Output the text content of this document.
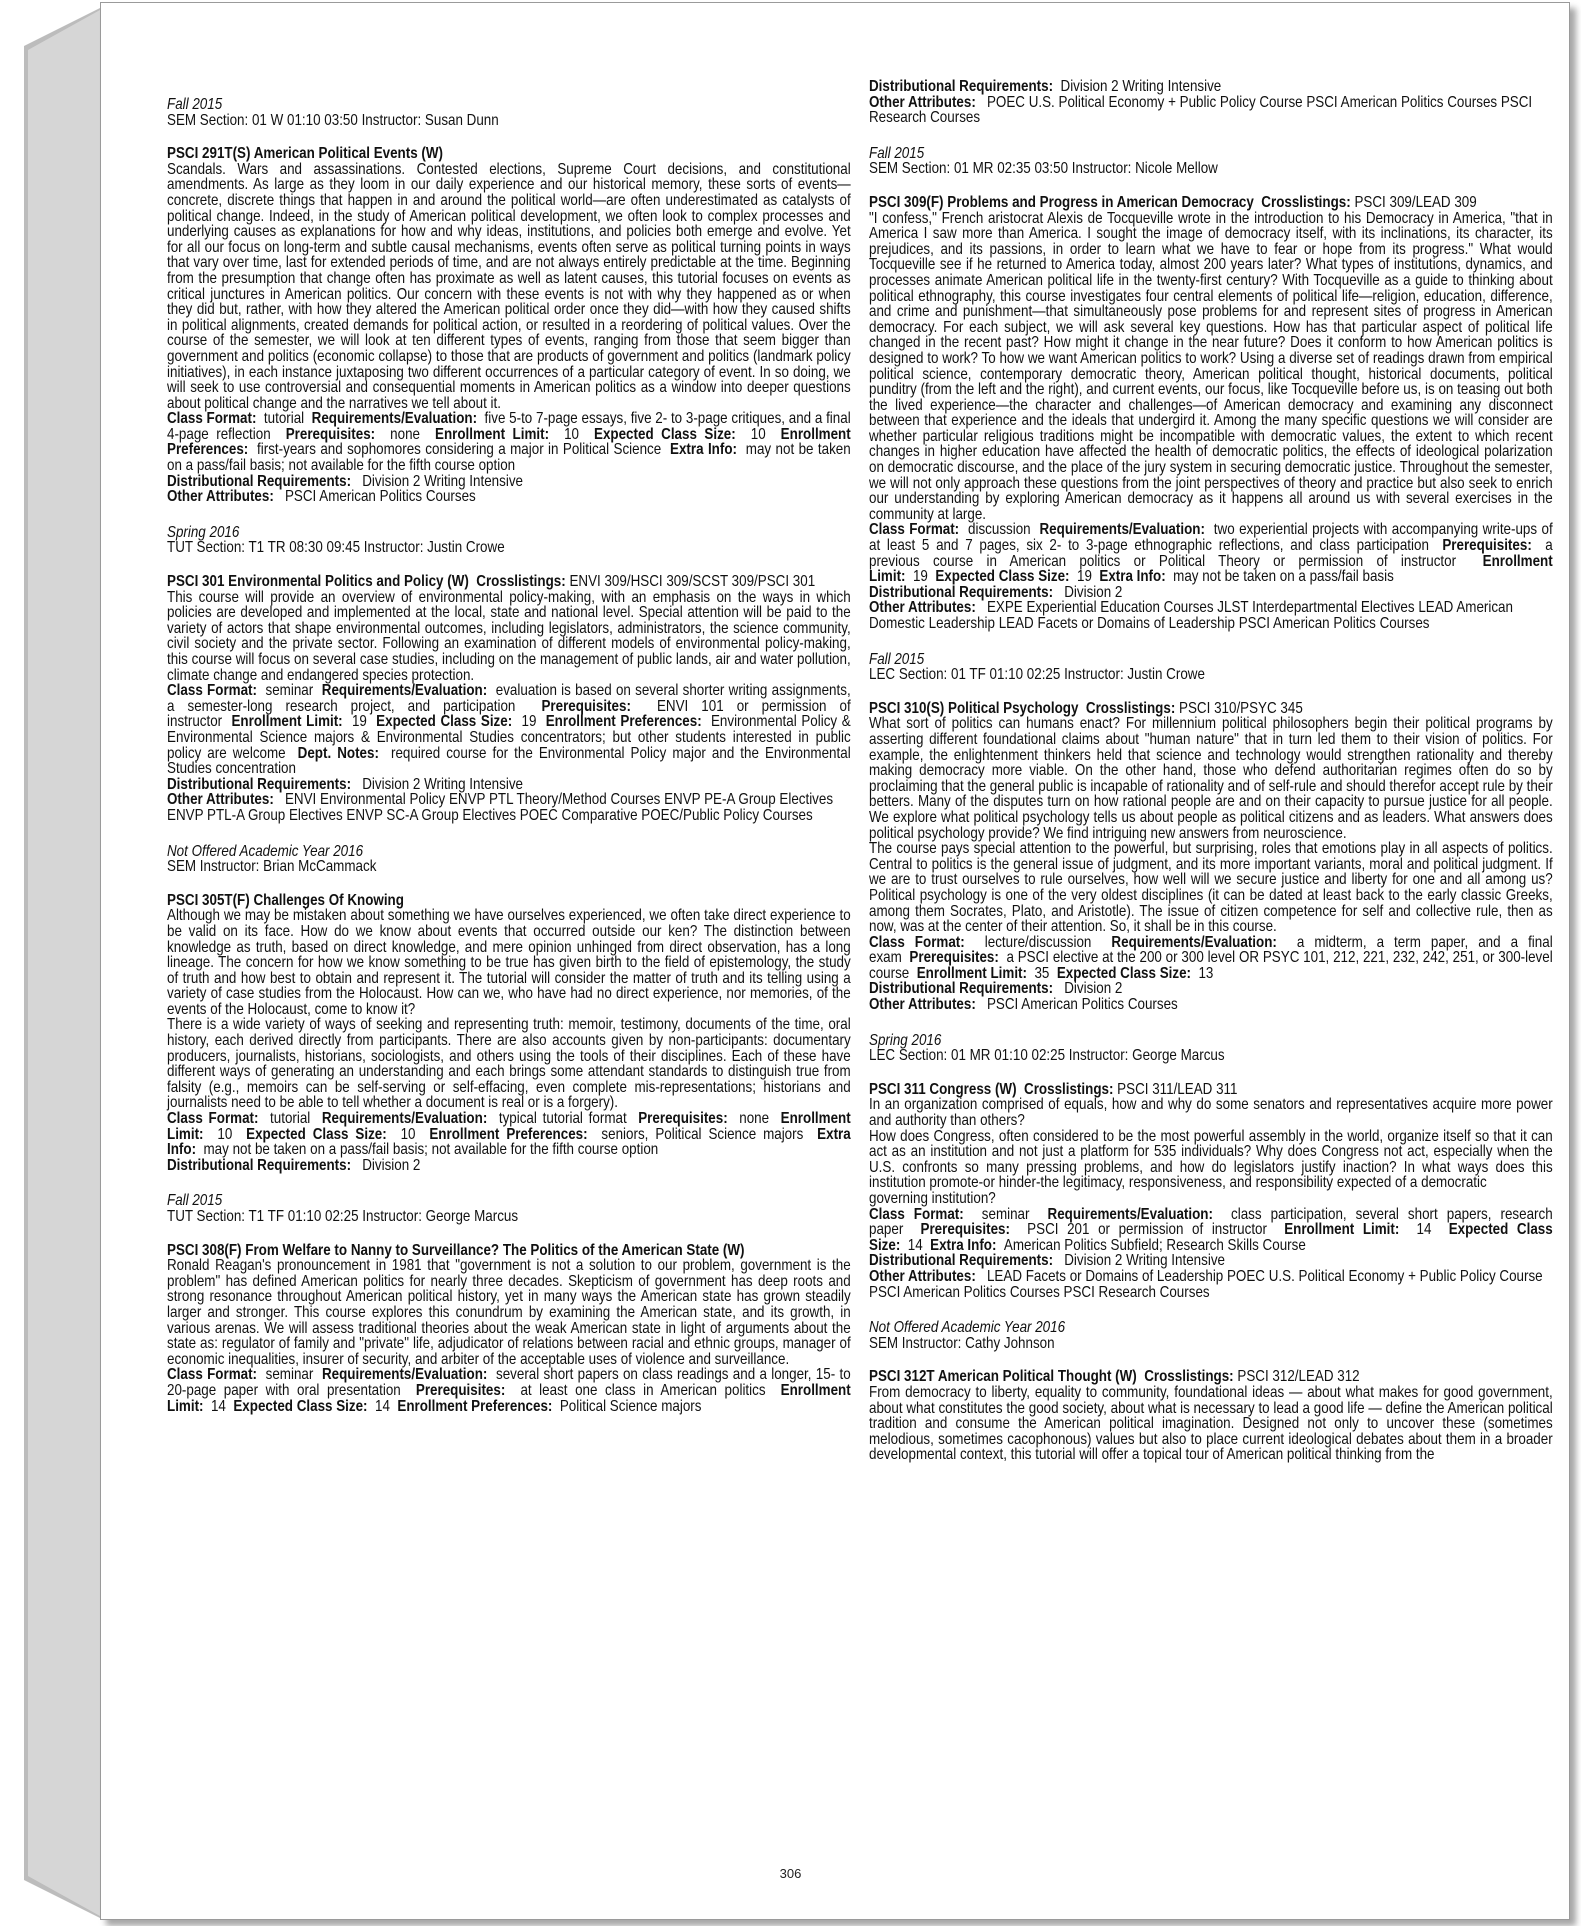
Fall 2015
SEM Section: 01 W 01:10 03:50 Instructor: Susan Dunn
PSCI 291T(S) American Political Events (W)
Scandals. Wars and assassinations. Contested elections, Supreme Court decisions, and constitutional amendments. As large as they loom in our daily experience and our historical memory, these sorts of events—concrete, discrete things that happen in and around the political world—are often underestimated as catalysts of political change. Indeed, in the study of American political development, we often look to complex processes and underlying causes as explanations for how and why ideas, institutions, and policies both emerge and evolve. Yet for all our focus on long-term and subtle causal mechanisms, events often serve as political turning points in ways that vary over time, last for extended periods of time, and are not always entirely predictable at the time. Beginning from the presumption that change often has proximate as well as latent causes, this tutorial focuses on events as critical junctures in American politics. Our concern with these events is not with why they happened as or when they did but, rather, with how they altered the American political order once they did—with how they caused shifts in political alignments, created demands for political action, or resulted in a reordering of political values. Over the course of the semester, we will look at ten different types of events, ranging from those that seem bigger than government and politics (economic collapse) to those that are products of government and politics (landmark policy initiatives), in each instance juxtaposing two different occurrences of a particular category of event. In so doing, we will seek to use controversial and consequential moments in American politics as a window into deeper questions about political change and the narratives we tell about it.
Class Format: tutorial Requirements/Evaluation: five 5-to 7-page essays, five 2- to 3-page critiques, and a final 4-page reflection Prerequisites: none Enrollment Limit: 10 Expected Class Size: 10 Enrollment Preferences: first-years and sophomores considering a major in Political Science Extra Info: may not be taken on a pass/fail basis; not available for the fifth course option
Distributional Requirements: Division 2 Writing Intensive
Other Attributes: PSCI American Politics Courses
Spring 2016
TUT Section: T1 TR 08:30 09:45 Instructor: Justin Crowe
PSCI 301 Environmental Politics and Policy (W) Crosslistings: ENVI 309/HSCI 309/SCST 309/PSCI 301
This course will provide an overview of environmental policy-making, with an emphasis on the ways in which policies are developed and implemented at the local, state and national level. Special attention will be paid to the variety of actors that shape environmental outcomes, including legislators, administrators, the science community, civil society and the private sector. Following an examination of different models of environmental policy-making, this course will focus on several case studies, including on the management of public lands, air and water pollution, climate change and endangered species protection.
Class Format: seminar Requirements/Evaluation: evaluation is based on several shorter writing assignments, a semester-long research project, and participation Prerequisites: ENVI 101 or permission of instructor Enrollment Limit: 19 Expected Class Size: 19 Enrollment Preferences: Environmental Policy & Environmental Science majors & Environmental Studies concentrators; but other students interested in public policy are welcome Dept. Notes: required course for the Environmental Policy major and the Environmental Studies concentration
Distributional Requirements: Division 2 Writing Intensive
Other Attributes: ENVI Environmental Policy ENVP PTL Theory/Method Courses ENVP PE-A Group Electives ENVP PTL-A Group Electives ENVP SC-A Group Electives POEC Comparative POEC/Public Policy Courses
Not Offered Academic Year 2016
SEM Instructor: Brian McCammack
PSCI 305T(F) Challenges Of Knowing
Although we may be mistaken about something we have ourselves experienced, we often take direct experience to be valid on its face. How do we know about events that occurred outside our ken? The distinction between knowledge as truth, based on direct knowledge, and mere opinion unhinged from direct observation, has a long lineage. The concern for how we know something to be true has given birth to the field of epistemology, the study of truth and how best to obtain and represent it. The tutorial will consider the matter of truth and its telling using a variety of case studies from the Holocaust. How can we, who have had no direct experience, nor memories, of the events of the Holocaust, come to know it?
There is a wide variety of ways of seeking and representing truth: memoir, testimony, documents of the time, oral history, each derived directly from participants. There are also accounts given by non-participants: documentary producers, journalists, historians, sociologists, and others using the tools of their disciplines. Each of these have different ways of generating an understanding and each brings some attendant standards to distinguish true from falsity (e.g., memoirs can be self-serving or self-effacing, even complete mis-representations; historians and journalists need to be able to tell whether a document is real or is a forgery).
Class Format: tutorial Requirements/Evaluation: typical tutorial format Prerequisites: none Enrollment Limit: 10 Expected Class Size: 10 Enrollment Preferences: seniors, Political Science majors Extra Info: may not be taken on a pass/fail basis; not available for the fifth course option
Distributional Requirements: Division 2
Fall 2015
TUT Section: T1 TF 01:10 02:25 Instructor: George Marcus
PSCI 308(F) From Welfare to Nanny to Surveillance? The Politics of the American State (W)
Ronald Reagan's pronouncement in 1981 that "government is not a solution to our problem, government is the problem" has defined American politics for nearly three decades. Skepticism of government has deep roots and strong resonance throughout American political history, yet in many ways the American state has grown steadily larger and stronger. This course explores this conundrum by examining the American state, and its growth, in various arenas. We will assess traditional theories about the weak American state in light of arguments about the state as: regulator of family and "private" life, adjudicator of relations between racial and ethnic groups, manager of economic inequalities, insurer of security, and arbiter of the acceptable uses of violence and surveillance.
Class Format: seminar Requirements/Evaluation: several short papers on class readings and a longer, 15- to 20-page paper with oral presentation Prerequisites: at least one class in American politics Enrollment Limit: 14 Expected Class Size: 14 Enrollment Preferences: Political Science majors
Distributional Requirements: Division 2 Writing Intensive
Other Attributes: POEC U.S. Political Economy + Public Policy Course PSCI American Politics Courses PSCI Research Courses
Fall 2015
SEM Section: 01 MR 02:35 03:50 Instructor: Nicole Mellow
PSCI 309(F) Problems and Progress in American Democracy Crosslistings: PSCI 309/LEAD 309
"I confess," French aristocrat Alexis de Tocqueville wrote in the introduction to his Democracy in America, "that in America I saw more than America. I sought the image of democracy itself, with its inclinations, its character, its prejudices, and its passions, in order to learn what we have to fear or hope from its progress." What would Tocqueville see if he returned to America today, almost 200 years later? What types of institutions, dynamics, and processes animate American political life in the twenty-first century? With Tocqueville as a guide to thinking about political ethnography, this course investigates four central elements of political life—religion, education, difference, and crime and punishment—that simultaneously pose problems for and represent sites of progress in American democracy. For each subject, we will ask several key questions. How has that particular aspect of political life changed in the recent past? How might it change in the near future? Does it conform to how American politics is designed to work? To how we want American politics to work? Using a diverse set of readings drawn from empirical political science, contemporary democratic theory, American political thought, historical documents, political punditry (from the left and the right), and current events, our focus, like Tocqueville before us, is on teasing out both the lived experience—the character and challenges—of American democracy and examining any disconnect between that experience and the ideals that undergird it. Among the many specific questions we will consider are whether particular religious traditions might be incompatible with democratic values, the extent to which recent changes in higher education have affected the health of democratic politics, the effects of ideological polarization on democratic discourse, and the place of the jury system in securing democratic justice. Throughout the semester, we will not only approach these questions from the joint perspectives of theory and practice but also seek to enrich our understanding by exploring American democracy as it happens all around us with several exercises in the community at large.
Class Format: discussion Requirements/Evaluation: two experiential projects with accompanying write-ups of at least 5 and 7 pages, six 2- to 3-page ethnographic reflections, and class participation Prerequisites: a previous course in American politics or Political Theory or permission of instructor Enrollment Limit: 19 Expected Class Size: 19 Extra Info: may not be taken on a pass/fail basis
Distributional Requirements: Division 2
Other Attributes: EXPE Experiential Education Courses JLST Interdepartmental Electives LEAD American Domestic Leadership LEAD Facets or Domains of Leadership PSCI American Politics Courses
Fall 2015
LEC Section: 01 TF 01:10 02:25 Instructor: Justin Crowe
PSCI 310(S) Political Psychology Crosslistings: PSCI 310/PSYC 345
What sort of politics can humans enact? For millennium political philosophers begin their political programs by asserting different foundational claims about "human nature" that in turn led them to their vision of politics. For example, the enlightenment thinkers held that science and technology would strengthen rationality and thereby making democracy more viable. On the other hand, those who defend authoritarian regimes often do so by proclaiming that the general public is incapable of rationality and of self-rule and should therefor accept rule by their betters. Many of the disputes turn on how rational people are and on their capacity to pursue justice for all people. We explore what political psychology tells us about people as political citizens and as leaders. What answers does political psychology provide? We find intriguing new answers from neuroscience.
The course pays special attention to the powerful, but surprising, roles that emotions play in all aspects of politics. Central to politics is the general issue of judgment, and its more important variants, moral and political judgment. If we are to trust ourselves to rule ourselves, how well will we secure justice and liberty for one and all among us? Political psychology is one of the very oldest disciplines (it can be dated at least back to the early classic Greeks, among them Socrates, Plato, and Aristotle). The issue of citizen competence for self and collective rule, then as now, was at the center of their attention. So, it shall be in this course.
Class Format: lecture/discussion Requirements/Evaluation: a midterm, a term paper, and a final exam Prerequisites: a PSCI elective at the 200 or 300 level OR PSYC 101, 212, 221, 232, 242, 251, or 300-level course Enrollment Limit: 35 Expected Class Size: 13
Distributional Requirements: Division 2
Other Attributes: PSCI American Politics Courses
Spring 2016
LEC Section: 01 MR 01:10 02:25 Instructor: George Marcus
PSCI 311 Congress (W) Crosslistings: PSCI 311/LEAD 311
In an organization comprised of equals, how and why do some senators and representatives acquire more power and authority than others?
How does Congress, often considered to be the most powerful assembly in the world, organize itself so that it can act as an institution and not just a platform for 535 individuals? Why does Congress not act, especially when the U.S. confronts so many pressing problems, and how do legislators justify inaction? In what ways does this institution promote-or hinder-the legitimacy, responsiveness, and responsibility expected of a democratic
governing institution?
Class Format: seminar Requirements/Evaluation: class participation, several short papers, research paper Prerequisites: PSCI 201 or permission of instructor Enrollment Limit: 14 Expected Class Size: 14 Extra Info: American Politics Subfield; Research Skills Course
Distributional Requirements: Division 2 Writing Intensive
Other Attributes: LEAD Facets or Domains of Leadership POEC U.S. Political Economy + Public Policy Course PSCI American Politics Courses PSCI Research Courses
Not Offered Academic Year 2016
SEM Instructor: Cathy Johnson
PSCI 312T American Political Thought (W) Crosslistings: PSCI 312/LEAD 312
From democracy to liberty, equality to community, foundational ideas — about what makes for good government, about what constitutes the good society, about what is necessary to lead a good life — define the American political tradition and consume the American political imagination. Designed not only to uncover these (sometimes melodious, sometimes cacophonous) values but also to place current ideological debates about them in a broader developmental context, this tutorial will offer a topical tour of American political thinking from the
306
